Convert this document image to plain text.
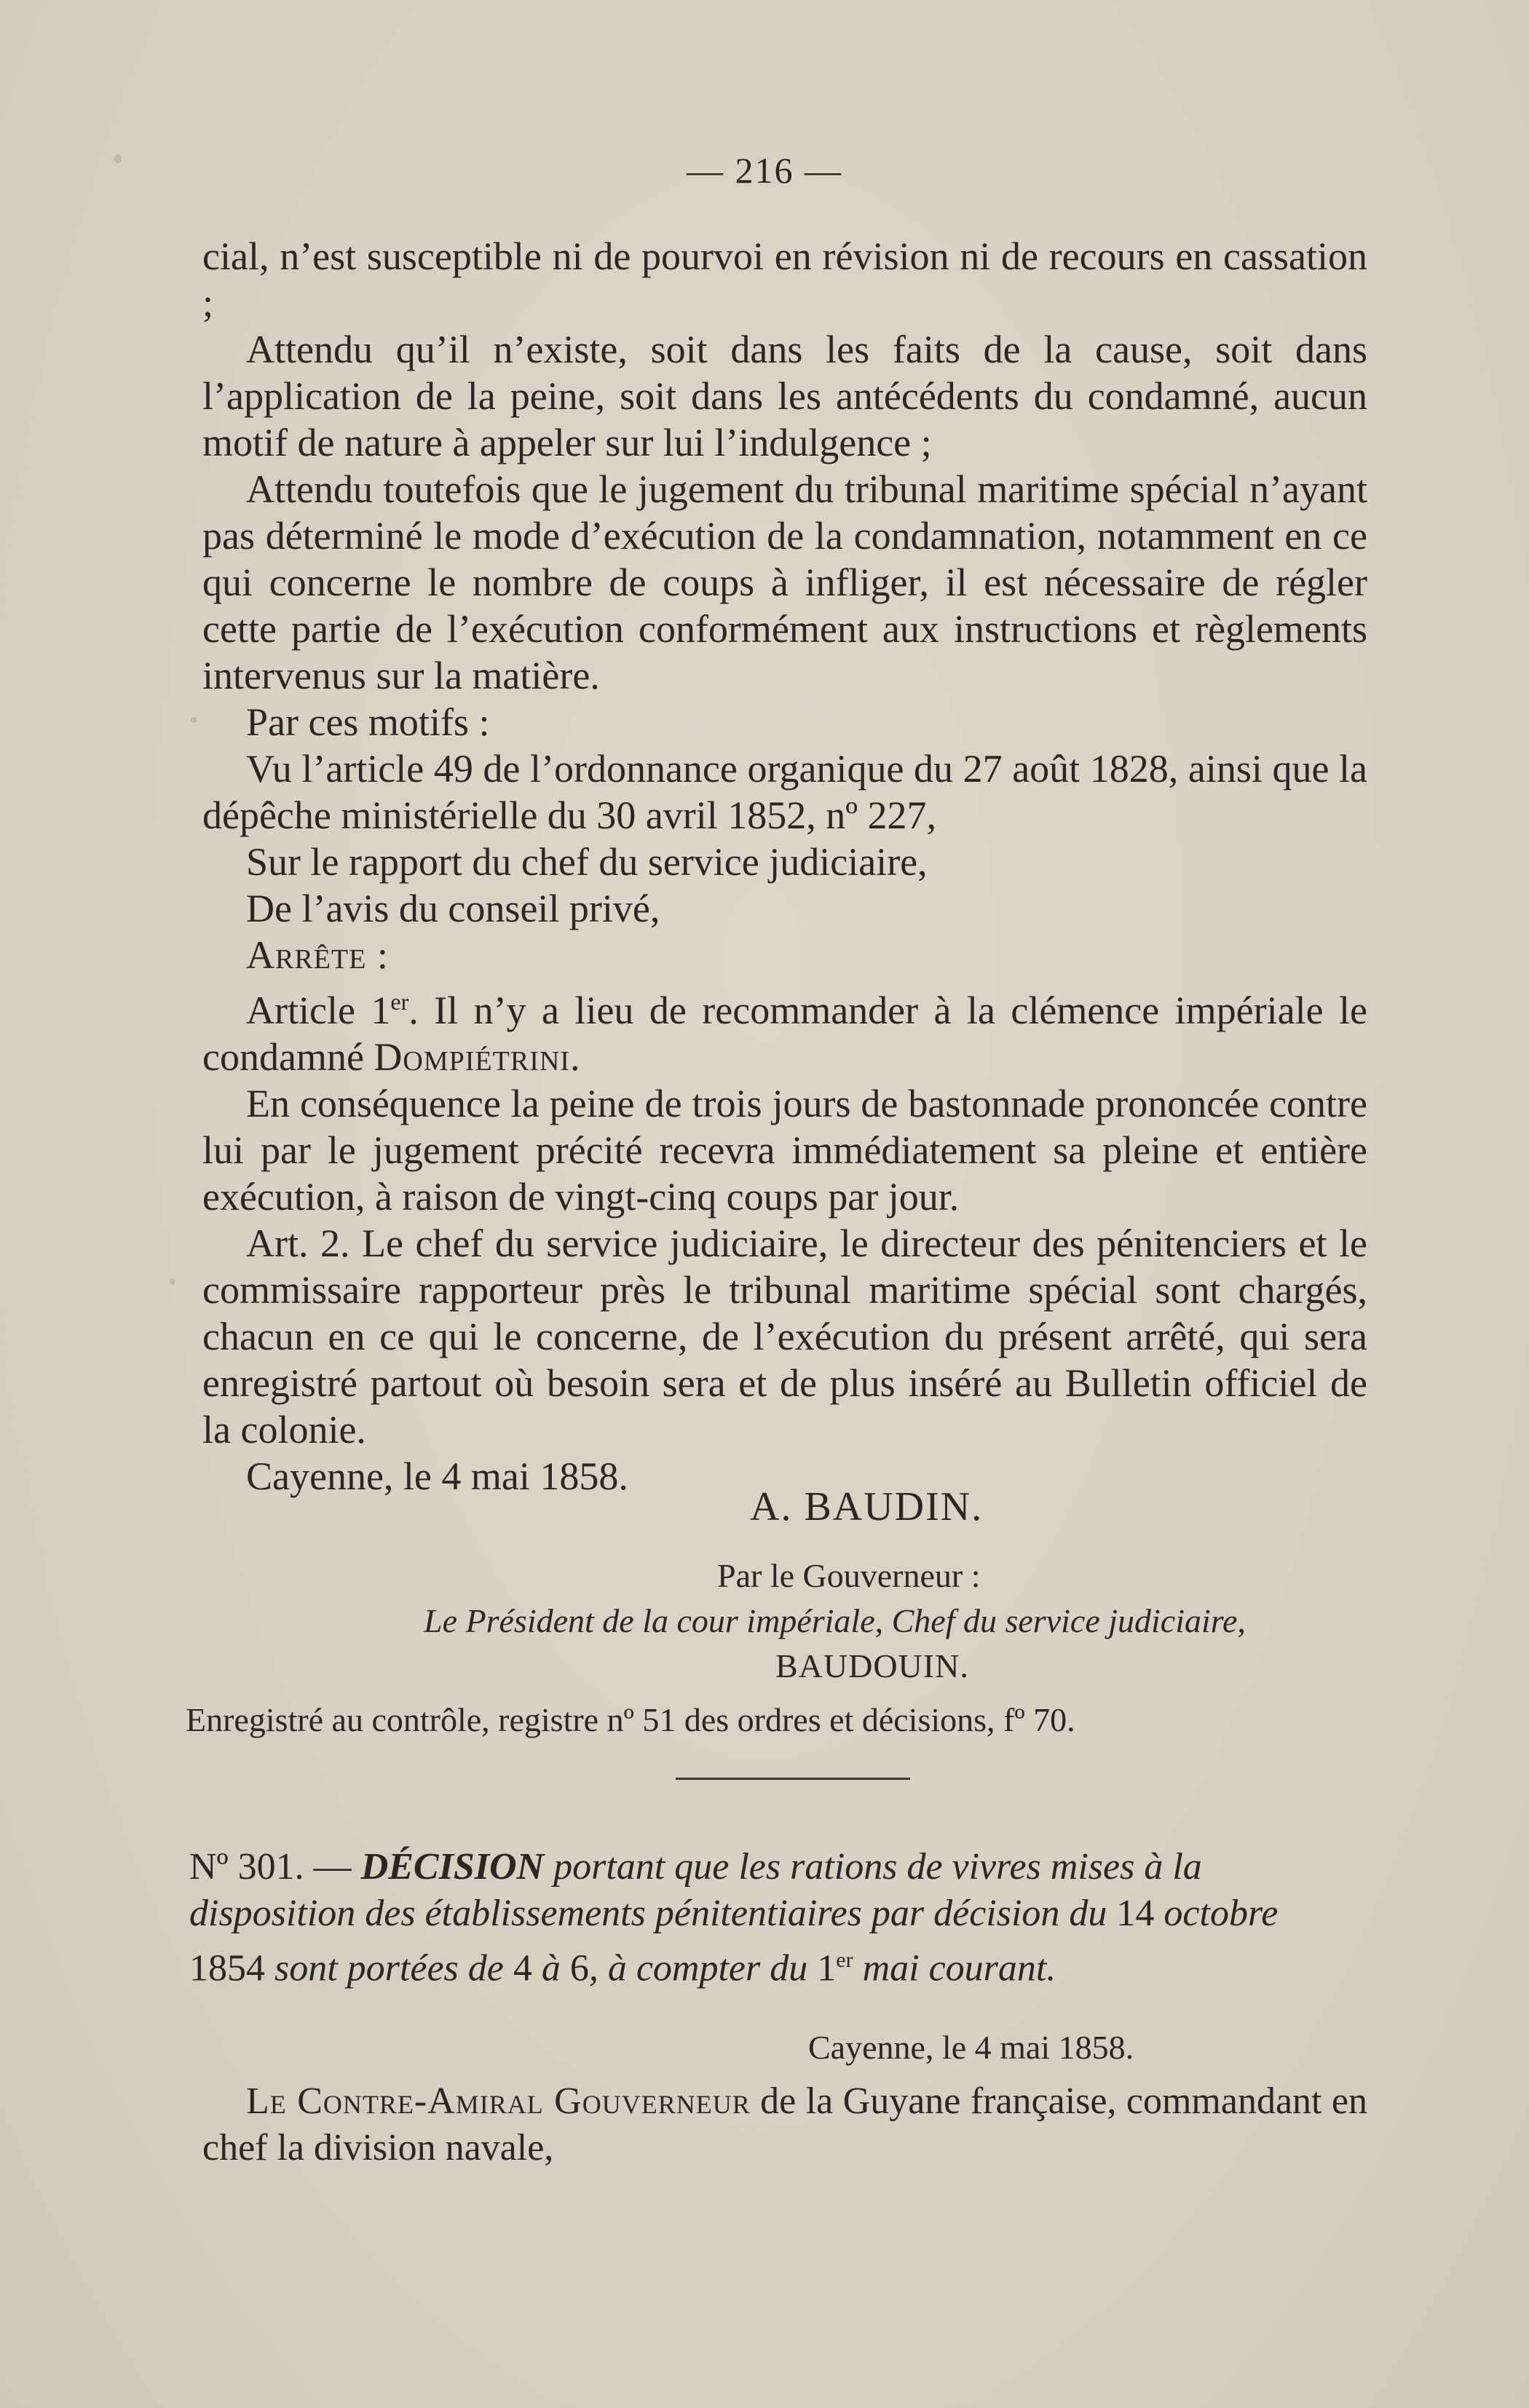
— 216 —

cial, n’est susceptible ni de pourvoi en révision ni de recours en cassation ;

Attendu qu’il n’existe, soit dans les faits de la cause, soit dans l’application de la peine, soit dans les antécédents du condamné, aucun motif de nature à appeler sur lui l’indulgence ;

Attendu toutefois que le jugement du tribunal maritime spécial n’ayant pas déterminé le mode d’exécution de la condamnation, notamment en ce qui concerne le nombre de coups à infliger, il est nécessaire de régler cette partie de l’exécution conformément aux instructions et règlements intervenus sur la matière.

Par ces motifs :

Vu l’article 49 de l’ordonnance organique du 27 août 1828, ainsi que la dépêche ministérielle du 30 avril 1852, nº 227,

Sur le rapport du chef du service judiciaire,

De l’avis du conseil privé,

Arrête :

Article 1er. Il n’y a lieu de recommander à la clémence impériale le condamné Dompiétrini.

En conséquence la peine de trois jours de bastonnade prononcée contre lui par le jugement précité recevra immédiatement sa pleine et entière exécution, à raison de vingt-cinq coups par jour.

Art. 2. Le chef du service judiciaire, le directeur des pénitenciers et le commissaire rapporteur près le tribunal maritime spécial sont chargés, chacun en ce qui le concerne, de l’exécution du présent arrêté, qui sera enregistré partout où besoin sera et de plus inséré au Bulletin officiel de la colonie.

Cayenne, le 4 mai 1858.

A. BAUDIN.
Par le Gouverneur :
Le Président de la cour impériale, Chef du service judiciaire,
BAUDOUIN.
Enregistré au contrôle, registre nº 51 des ordres et décisions, fº 70.
Nº 301. — DÉCISION portant que les rations de vivres mises à la disposition des établissements pénitentiaires par décision du 14 octobre 1854 sont portées de 4 à 6, à compter du 1er mai courant.
Cayenne, le 4 mai 1858.

Le Contre-Amiral Gouverneur de la Guyane française, commandant en chef la division navale,
